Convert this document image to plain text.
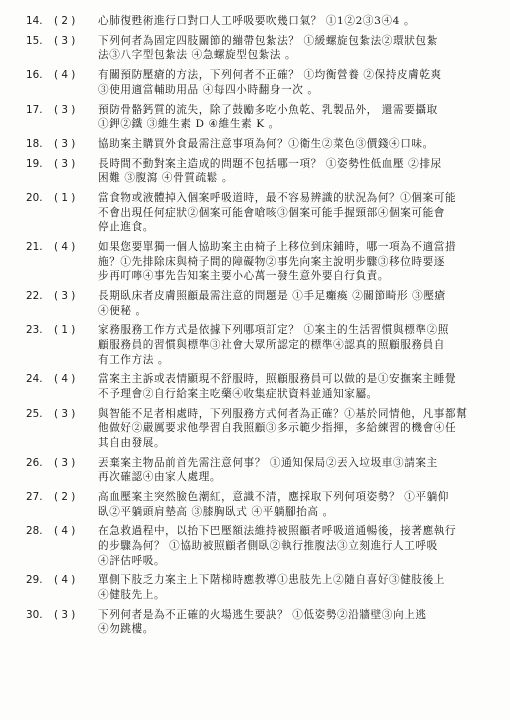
14.	( 2 )	心肺復甦術進行口對口人工呼吸要吹幾口氣？ ①1②2③3④4 。
15.	( 3 )	下列何者為固定四肢關節的繃帶包紮法？ ①緩螺旋包紮法②環狀包紮
法③八字型包紮法 ④急螺旋型包紮法 。
16.	( 4 )	有關預防壓瘡的方法，下列何者不正確？ ①均衡營養 ②保持皮膚乾爽
③使用適當輔助用品 ④每四小時翻身一次 。
17.	( 3 )	預防骨骼鈣質的流失，除了鼓勵多吃小魚乾、乳製品外， 還需要攝取
①鉀②鐵 ③維生素 D ④維生素 K 。
18.	( 3 )	協助案主購買外食最需注意事項為何？①衛生②菜色③價錢④口味。
19.	( 3 )	長時間不動對案主造成的問題不包括哪一項？ ①姿勢性低血壓 ②排尿
困難 ③腹瀉 ④骨質疏鬆 。
20.	( 1 )	當食物或液體掉入個案呼吸道時，最不容易辨識的狀況為何？①個案可能
不會出現任何症狀②個案可能會嗆咳③個案可能手握頸部④個案可能會
停止進食。
21.	( 4 )	如果您要單獨一個人協助案主由椅子上移位到床鋪時，哪一項為不適當措
施？①先排除床與椅子間的障礙物②事先向案主說明步驟③移位時要逐
步再叮嚀④事先告知案主要小心萬一發生意外要自行負責。
22.	( 3 )	長期臥床者皮膚照顧最需注意的問題是 ①手足癱瘓 ②關節畸形 ③壓瘡
④便秘 。
23.	( 1 )	家務服務工作方式是依據下列哪項訂定？ ①案主的生活習慣與標準②照
顧服務員的習慣與標準③社會大眾所認定的標準④認真的照顧服務員自
有工作方法 。
24.	( 4 )	當案主主訴或表情顯現不舒服時，照顧服務員可以做的是①安撫案主睡覺
不予理會②自行給案主吃藥④收集症狀資料並通知家屬。
25.	( 3 )	與智能不足者相處時，下列服務方式何者為正確？①基於同情他，凡事都幫
他做好②嚴厲要求他學習自我照顧③多示範少指揮，多給練習的機會④任
其自由發展。
26.	( 3 )	丟棄案主物品前首先需注意何事？ ①通知保局②丟入垃圾車③請案主
再次確認④由家人處理。
27.	( 2 )	高血壓案主突然臉色潮紅，意識不清，應採取下列何項姿勢？ ①平躺仰
臥②平躺頭肩墊高 ③膝胸臥式 ④平躺腳抬高 。
28.	( 4 )	在急救過程中，以抬下巴壓額法維持被照顧者呼吸道通暢後，接著應執行
的步驟為何？ ①協助被照顧者側臥②執行推腹法③立刻進行人工呼吸
④評估呼吸。
29.	( 4 )	單側下肢乏力案主上下階梯時應教導①患肢先上②隨自喜好③健肢後上
④健肢先上。
30.	( 3 )	下列何者是為不正確的火場逃生要訣？ ①低姿勢②沿牆壁③向上逃
④勿跳樓。
